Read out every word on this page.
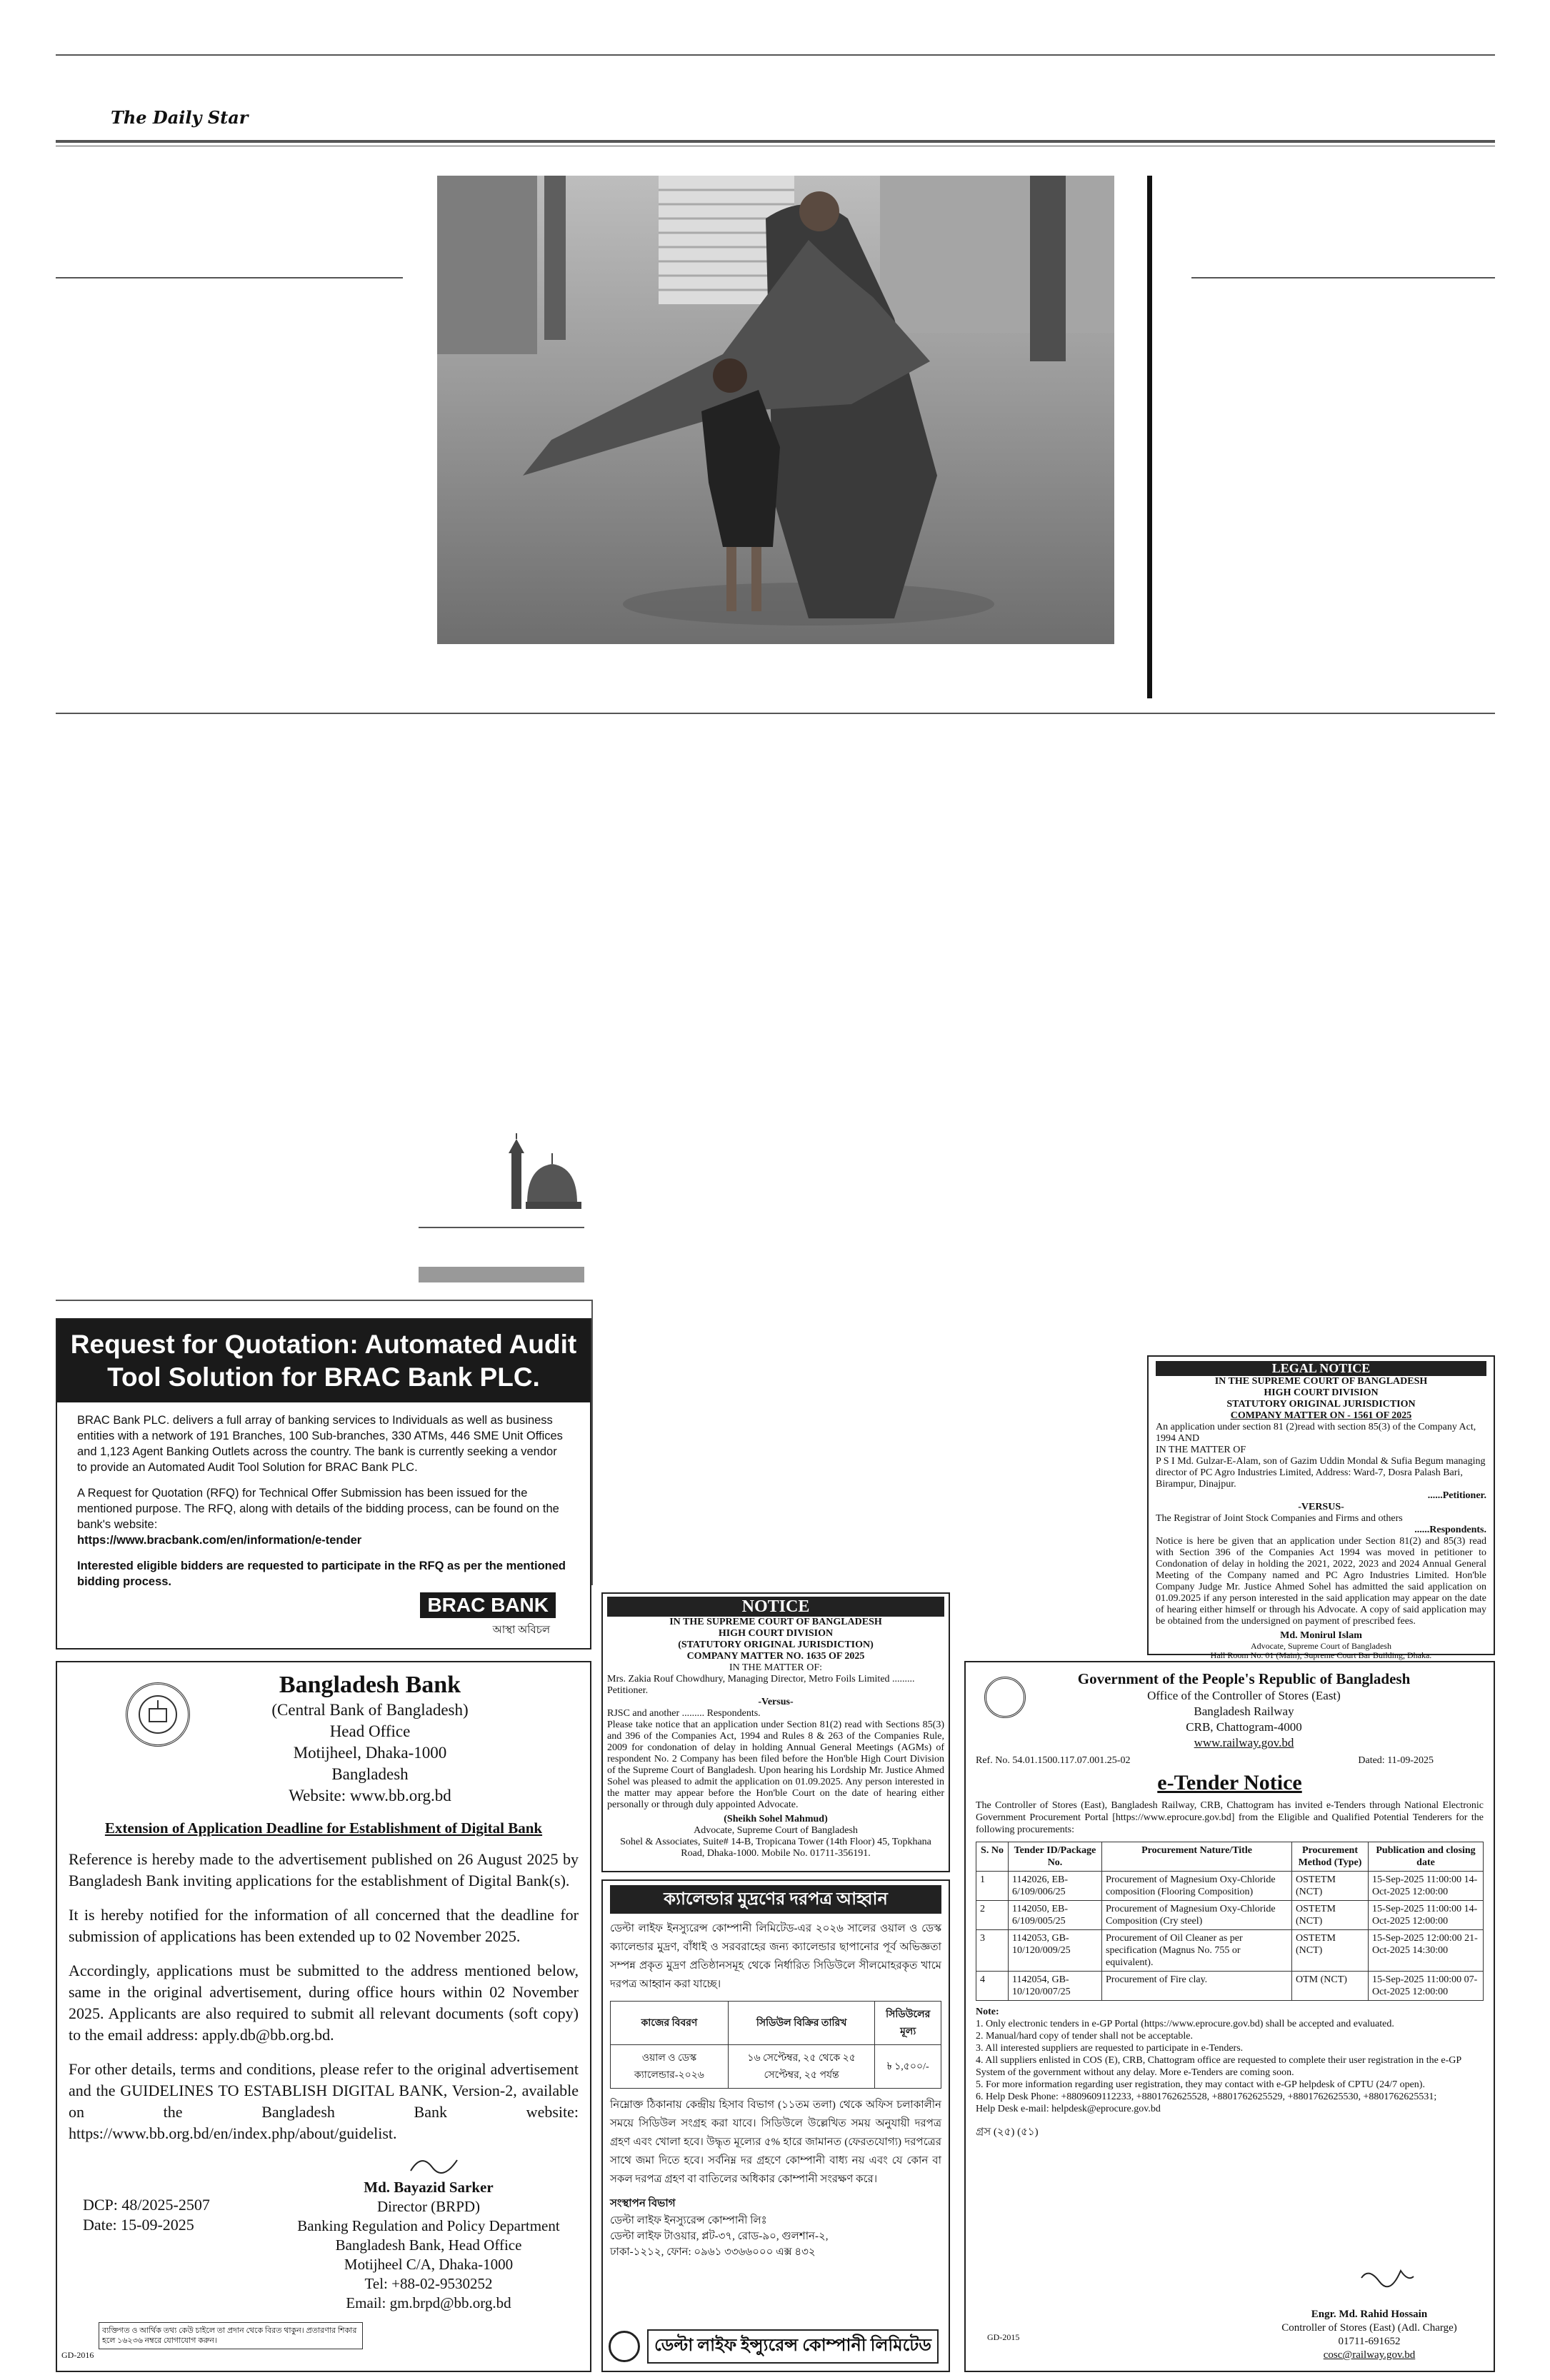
The Daily Star
Request for Quotation: Automated Audit Tool Solution for BRAC Bank PLC.

BRAC Bank PLC. delivers a full array of banking services to Individuals as well as business entities with a network of 191 Branches, 100 Sub-branches, 330 ATMs, 446 SME Unit Offices and 1,123 Agent Banking Outlets across the country. The bank is currently seeking a vendor to provide an Automated Audit Tool Solution for BRAC Bank PLC.

A Request for Quotation (RFQ) for Technical Offer Submission has been issued for the mentioned purpose. The RFQ, along with details of the bidding process, can be found on the bank's website:

https://www.bracbank.com/en/information/e-tender

Interested eligible bidders are requested to participate in the RFQ as per the mentioned bidding process.

BRAC BANK
আস্থা অবিচল
LEGAL NOTICE
IN THE SUPREME COURT OF BANGLADESH
HIGH COURT DIVISION
STATUTORY ORIGINAL JURISDICTION
COMPANY MATTER ON - 1561 OF 2025
An application under section 81 (2)read with section 85(3) of the Company Act, 1994 AND
IN THE MATTER OF
P S I Md. Gulzar-E-Alam, son of Gazim Uddin Mondal & Sufia Begum managing director of PC Agro Industries Limited, Address: Ward-7, Dosra Palash Bari, Birampur, Dinajpur.
......Petitioner.
-VERSUS-
The Registrar of Joint Stock Companies and Firms and others
......Respondents.
Notice is here be given that an application under Section 81(2) and 85(3) read with Section 396 of the Companies Act 1994 was moved in petitioner to Condonation of delay in holding the 2021, 2022, 2023 and 2024 Annual General Meeting of the Company named and PC Agro Industries Limited. Hon'ble Company Judge Mr. Justice Ahmed Sohel has admitted the said application on 01.09.2025 if any person interested in the said application may appear on the date of hearing either himself or through his Advocate. A copy of said application may be obtained from the undersigned on payment of prescribed fees.
Md. Monirul Islam
Advocate, Supreme Court of Bangladesh
Hall Room No. 01 (Main), Supreme Court Bar Building, Dhaka.
NOTICE
IN THE SUPREME COURT OF BANGLADESH
HIGH COURT DIVISION
(STATUTORY ORIGINAL JURISDICTION)
COMPANY MATTER NO. 1635 OF 2025
IN THE MATTER OF:
Mrs. Zakia Rouf Chowdhury, Managing Director, Metro Foils Limited ......... Petitioner.
-Versus-
RJSC and another ......... Respondents.
Please take notice that an application under Section 81(2) read with Sections 85(3) and 396 of the Companies Act, 1994 and Rules 8 & 263 of the Companies Rule, 2009 for condonation of delay in holding Annual General Meetings (AGMs) of respondent No. 2 Company has been filed before the Hon'ble High Court Division of the Supreme Court of Bangladesh. Upon hearing his Lordship Mr. Justice Ahmed Sohel was pleased to admit the application on 01.09.2025. Any person interested in the matter may appear before the Hon'ble Court on the date of hearing either personally or through duly appointed Advocate.
(Sheikh Sohel Mahmud)
Advocate, Supreme Court of Bangladesh
Sohel & Associates, Suite# 14-B, Tropicana Tower (14th Floor) 45, Topkhana Road, Dhaka-1000. Mobile No. 01711-356191.
Bangladesh Bank
(Central Bank of Bangladesh)
Head Office
Motijheel, Dhaka-1000
Bangladesh
Website: www.bb.org.bd
Extension of Application Deadline for Establishment of Digital Bank

Reference is hereby made to the advertisement published on 26 August 2025 by Bangladesh Bank inviting applications for the establishment of Digital Bank(s).

It is hereby notified for the information of all concerned that the deadline for submission of applications has been extended up to 02 November 2025.

Accordingly, applications must be submitted to the address mentioned below, same in the original advertisement, during office hours within 02 November 2025. Applicants are also required to submit all relevant documents (soft copy) to the email address: apply.db@bb.org.bd.

For other details, terms and conditions, please refer to the original advertisement and the GUIDELINES TO ESTABLISH DIGITAL BANK, Version-2, available on the Bangladesh Bank website: https://www.bb.org.bd/en/index.php/about/guidelist.

DCP: 48/2025-2507
Date: 15-09-2025
Md. Bayazid Sarker
Director (BRPD)
Banking Regulation and Policy Department
Bangladesh Bank, Head Office
Motijheel C/A, Dhaka-1000
Tel: +88-02-9530252
Email: gm.brpd@bb.org.bd
ব্যক্তিগত ও আর্থিক তথ্য কেউ চাইলে তা প্রদান থেকে বিরত থাকুন। প্রতারণার শিকার হলে ১৬২৩৬ নম্বরে যোগাযোগ করুন।
GD-2016
ক্যালেন্ডার মুদ্রণের দরপত্র আহ্বান
ডেল্টা লাইফ ইনস্যুরেন্স কোম্পানী লিমিটেড-এর ২০২৬ সালের ওয়াল ও ডেস্ক ক্যালেন্ডার মুদ্রণ, বাঁধাই ও সরবরাহের জন্য ক্যালেন্ডার ছাপানোর পূর্ব অভিজ্ঞতা সম্পন্ন প্রকৃত মুদ্রণ প্রতিষ্ঠানসমূহ থেকে নির্ধারিত সিডিউলে সীলমোহরকৃত খামে দরপত্র আহ্বান করা যাচ্ছে।
কাজের বিবরণ	সিডিউল বিক্রির তারিখ	সিডিউলের মূল্য
ওয়াল ও ডেস্ক ক্যালেন্ডার-২০২৬	১৬ সেপ্টেম্বর, ২৫ থেকে ২৫ সেপ্টেম্বর, ২৫ পর্যন্ত	৳ ১,৫০০/-
নিম্নোক্ত ঠিকানায় কেন্দ্রীয় হিসাব বিভাগ (১১তম তলা) থেকে অফিস চলাকালীন সময়ে সিডিউল সংগ্রহ করা যাবে। সিডিউলে উল্লেখিত সময় অনুযায়ী দরপত্র গ্রহণ এবং খোলা হবে। উদ্ধৃত মূল্যের ৫% হারে জামানত (ফেরতযোগ্য) দরপত্রের সাথে জমা দিতে হবে। সর্বনিম্ন দর গ্রহণে কোম্পানী বাধ্য নয় এবং যে কোন বা সকল দরপত্র গ্রহণ বা বাতিলের অধিকার কোম্পানী সংরক্ষণ করে।
সংস্থাপন বিভাগ
ডেল্টা লাইফ ইনস্যুরেন্স কোম্পানী লিঃ
ডেল্টা লাইফ টাওয়ার, প্লট-৩৭, রোড-৯০, গুলশান-২,
ঢাকা-১২১২, ফোন: ০৯৬১ ৩৩৬৬০০০ এক্স ৪৩২
ডেল্টা লাইফ ইন্স্যুরেন্স কোম্পানী লিমিটেড
Government of the People's Republic of Bangladesh
Office of the Controller of Stores (East)
Bangladesh Railway
CRB, Chattogram-4000
www.railway.gov.bd
Ref. No. 54.01.1500.117.07.001.25-02	Dated: 11-09-2025
e-Tender Notice
The Controller of Stores (East), Bangladesh Railway, CRB, Chattogram has invited e-Tenders through National Electronic Government Procurement Portal [https://www.eprocure.gov.bd] from the Eligible and Qualified Potential Tenderers for the following procurements:
S. No	Tender ID/Package No.	Procurement Nature/Title	Procurement Method (Type)	Publication and closing date
1	1142026, EB-6/109/006/25	Procurement of Magnesium Oxy-Chloride composition (Flooring Composition)	OSTETM (NCT)	15-Sep-2025 11:00:00 14-Oct-2025 12:00:00
2	1142050, EB-6/109/005/25	Procurement of Magnesium Oxy-Chloride Composition (Cry steel)	OSTETM (NCT)	15-Sep-2025 11:00:00 14-Oct-2025 12:00:00
3	1142053, GB-10/120/009/25	Procurement of Oil Cleaner as per specification (Magnus No. 755 or equivalent).	OSTETM (NCT)	15-Sep-2025 12:00:00 21-Oct-2025 14:30:00
4	1142054, GB-10/120/007/25	Procurement of Fire clay.	OTM (NCT)	15-Sep-2025 11:00:00 07-Oct-2025 12:00:00
Note:
1. Only electronic tenders in e-GP Portal (https://www.eprocure.gov.bd) shall be accepted and evaluated.
2. Manual/hard copy of tender shall not be acceptable.
3. All interested suppliers are requested to participate in e-Tenders.
4. All suppliers enlisted in COS (E), CRB, Chattogram office are requested to complete their user registration in the e-GP System of the government without any delay. More e-Tenders are coming soon.
5. For more information regarding user registration, they may contact with e-GP helpdesk of CPTU (24/7 open).
6. Help Desk Phone: +8809609112233, +8801762625528, +8801762625529, +8801762625530, +8801762625531;
Help Desk e-mail: helpdesk@eprocure.gov.bd
গ্রস (২৫) (৫১)
GD-2015
Engr. Md. Rahid Hossain
Controller of Stores (East) (Adl. Charge)
01711-691652
cosc@railway.gov.bd
